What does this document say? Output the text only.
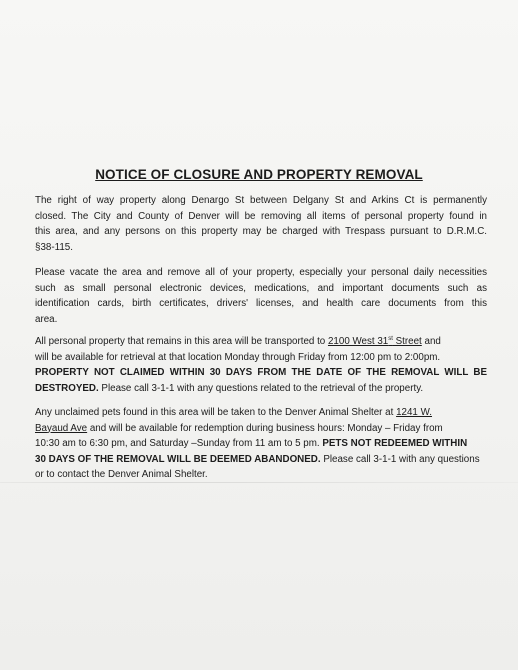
NOTICE OF CLOSURE AND PROPERTY REMOVAL
The right of way property along Denargo St between Delgany St and Arkins Ct is permanently
closed. The City and County of Denver will be removing all items of personal property found in
this area, and any persons on this property may be charged with Trespass pursuant to D.R.M.C.
§38-115.
Please vacate the area and remove all of your property, especially your personal daily necessities
such as small personal electronic devices, medications, and important documents such as
identification cards, birth certificates, drivers' licenses, and health care documents from this
area.
All personal property that remains in this area will be transported to 2100 West 31st Street and
will be available for retrieval at that location Monday through Friday from 12:00 pm to 2:00pm.
PROPERTY NOT CLAIMED WITHIN 30 DAYS FROM THE DATE OF THE REMOVAL WILL BE
DESTROYED. Please call 3-1-1 with any questions related to the retrieval of the property.
Any unclaimed pets found in this area will be taken to the Denver Animal Shelter at 1241 W.
Bayaud Ave and will be available for redemption during business hours: Monday – Friday from
10:30 am to 6:30 pm, and Saturday –Sunday from 11 am to 5 pm. PETS NOT REDEEMED WITHIN
30 DAYS OF THE REMOVAL WILL BE DEEMED ABANDONED. Please call 3-1-1 with any questions
or to contact the Denver Animal Shelter.
